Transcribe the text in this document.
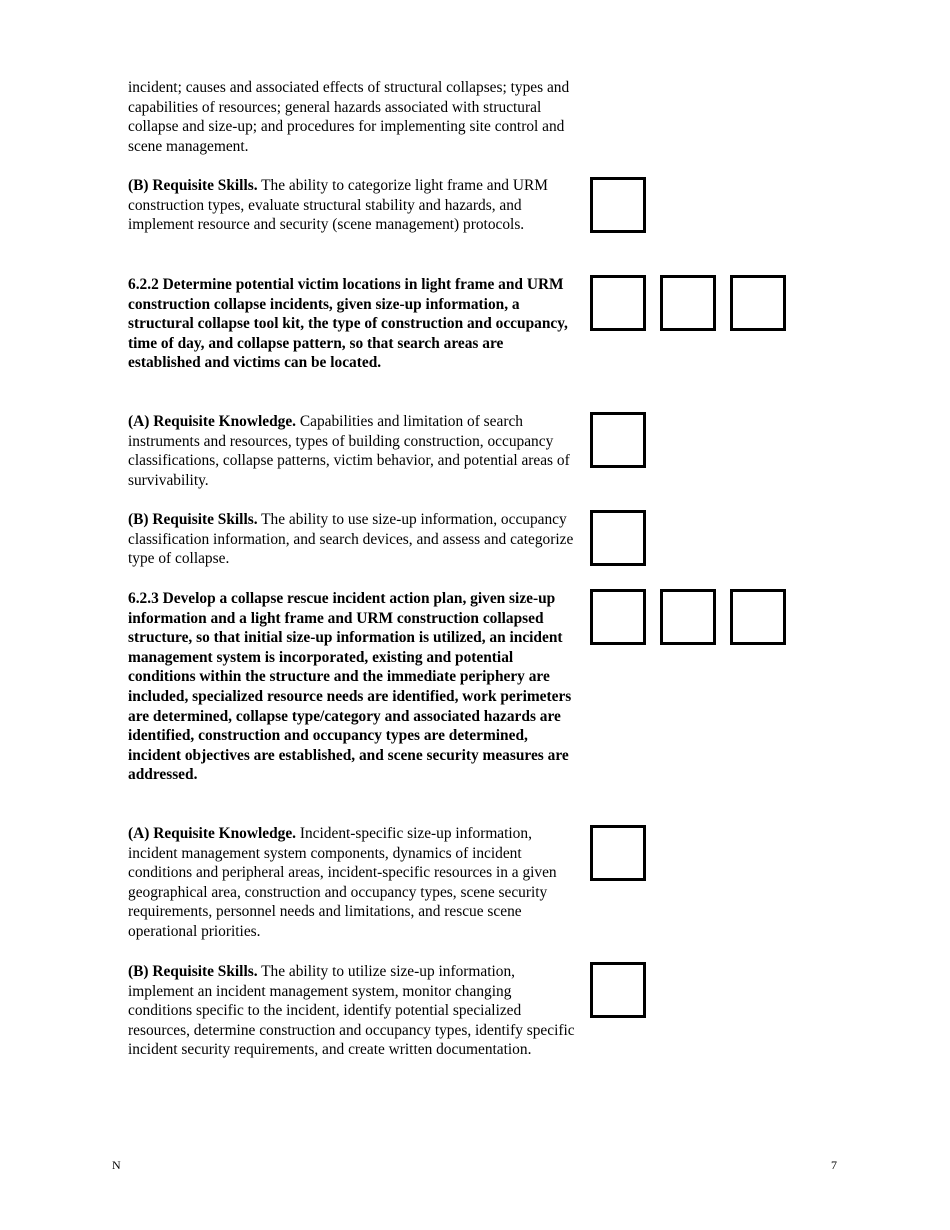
incident; causes and associated effects of structural collapses; types and capabilities of resources; general hazards associated with structural collapse and size-up; and procedures for implementing site control and scene management.
(B) Requisite Skills. The ability to categorize light frame and URM construction types, evaluate structural stability and hazards, and implement resource and security (scene management) protocols.
6.2.2 Determine potential victim locations in light frame and URM construction collapse incidents, given size-up information, a structural collapse tool kit, the type of construction and occupancy, time of day, and collapse pattern, so that search areas are established and victims can be located.
(A) Requisite Knowledge. Capabilities and limitation of search instruments and resources, types of building construction, occupancy classifications, collapse patterns, victim behavior, and potential areas of survivability.
(B) Requisite Skills. The ability to use size-up information, occupancy classification information, and search devices, and assess and categorize type of collapse.
6.2.3 Develop a collapse rescue incident action plan, given size-up information and a light frame and URM construction collapsed structure, so that initial size-up information is utilized, an incident management system is incorporated, existing and potential conditions within the structure and the immediate periphery are included, specialized resource needs are identified, work perimeters are determined, collapse type/category and associated hazards are identified, construction and occupancy types are determined, incident objectives are established, and scene security measures are addressed.
(A) Requisite Knowledge. Incident-specific size-up information, incident management system components, dynamics of incident conditions and peripheral areas, incident-specific resources in a given geographical area, construction and occupancy types, scene security requirements, personnel needs and limitations, and rescue scene operational priorities.
(B) Requisite Skills. The ability to utilize size-up information, implement an incident management system, monitor changing conditions specific to the incident, identify potential specialized resources, determine construction and occupancy types, identify specific incident security requirements, and create written documentation.
N	7
